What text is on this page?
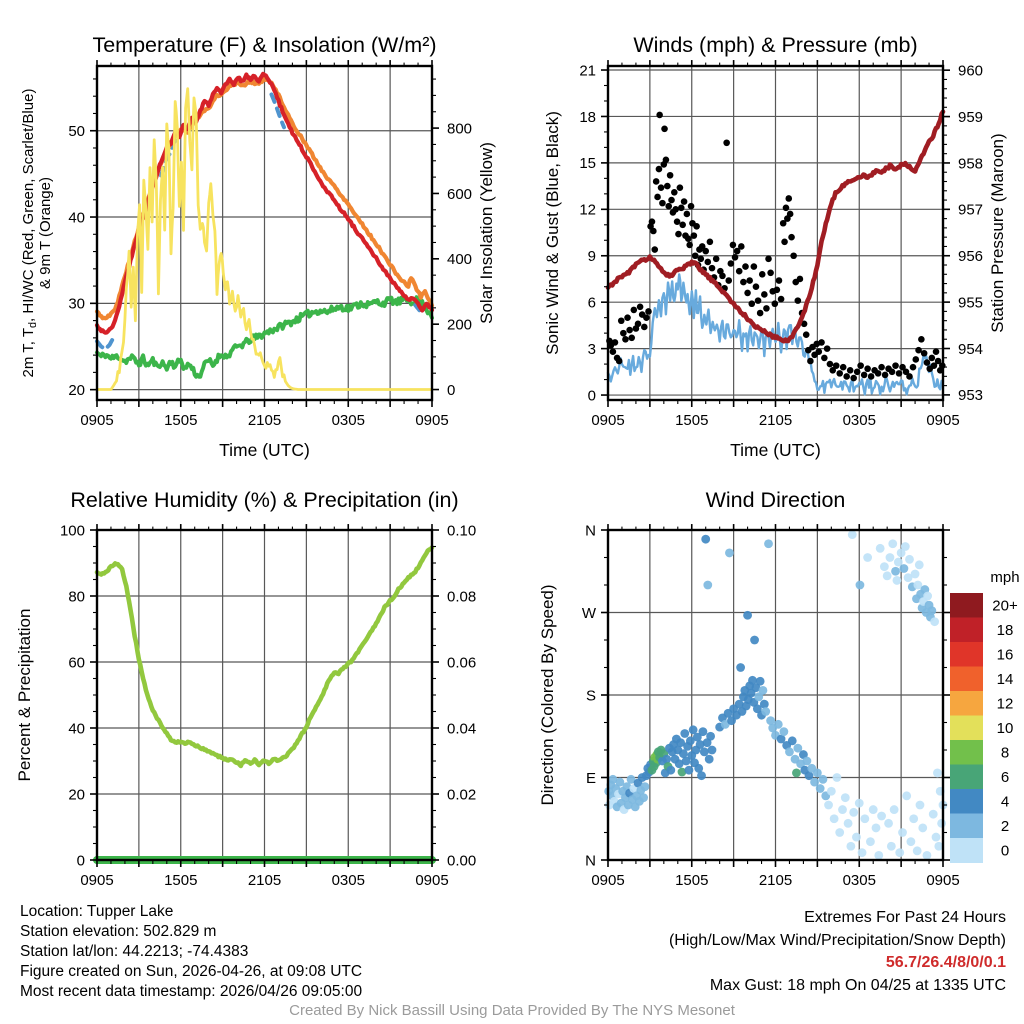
0905	1505	2105	0305	0905
Time (UTC)
20
30
40
50
0
200
400
600
800
Solar Insolation (Yellow)
2m T, $T_d$, HI/WC (Red, Green, Scarlet/Blue) & 9m T (Orange)
Temperature (F) & Insolation (W/m²)
0905	1505	2105	0305	0905
Time (UTC)
0
3
6
9
12
15
18
21
953
954
955
956
957
958
959
960
Station Pressure (Maroon)
Sonic Wind & Gust (Blue, Black)
Winds (mph) & Pressure (mb)
0905	1505	2105	0305	0905
0
20
40
60
80
100
0.00
0.02
0.04
0.06
0.08
0.10
Percent & Precipitation
Relative Humidity (%) & Precipitation (in)
0905	1505	2105	0305	0905
N
E
S
W
N
Direction (Colored By Speed)
Wind Direction
mph
20+
18
16
14
12
10
8
6
4
2
0
Location: Tupper Lake
Station elevation: 502.829 m
Station lat/lon: 44.2213; -74.4383
Figure created on Sun, 2026-04-26, at 09:08 UTC
Most recent data timestamp: 2026/04/26 09:05:00
Extremes For Past 24 Hours
(High/Low/Max Wind/Precipitation/Snow Depth)
56.7/26.4/8/0/0.1
Max Gust: 18 mph On 04/25 at 1335 UTC
Created By Nick Bassill Using Data Provided By The NYS Mesonet
